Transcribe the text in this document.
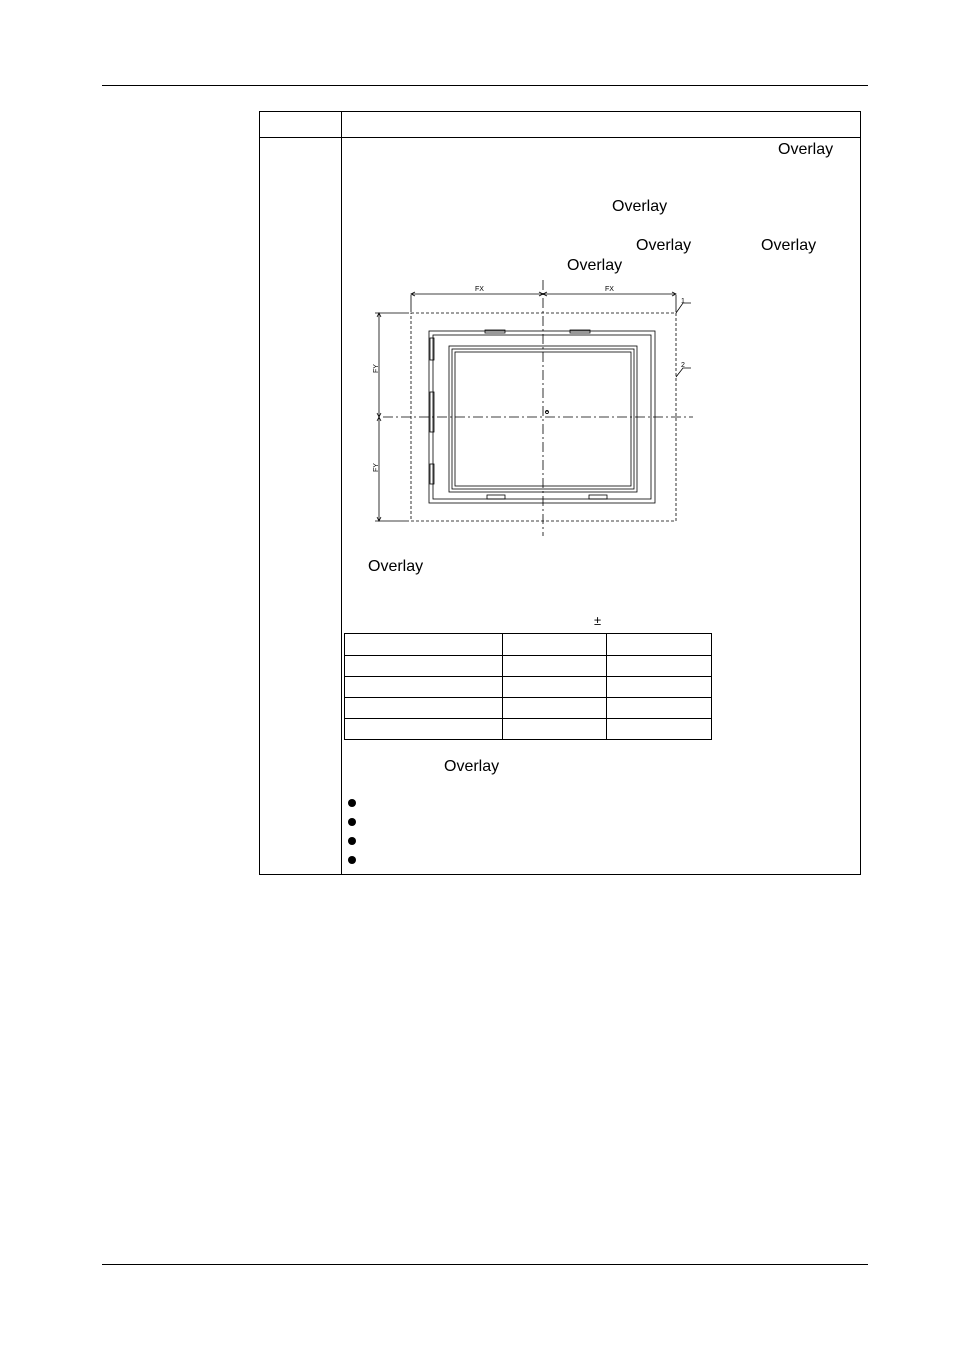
Overlay
Overlay
Overlay	Overlay
Overlay
FX	FX
FY
FY
1
2
e
Overlay
±

Overlay
